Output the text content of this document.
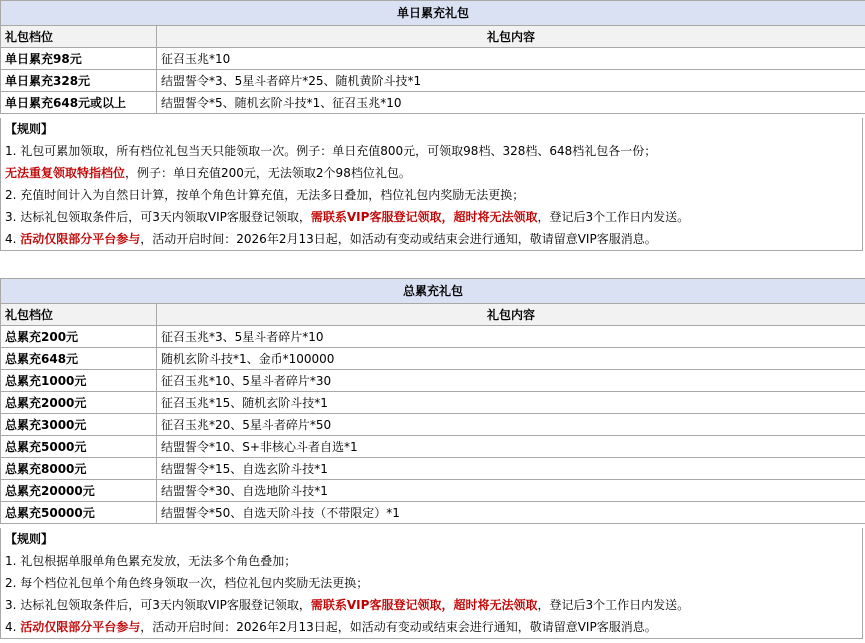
单日累充礼包	
礼包档位	礼包内容
单日累充98元	征召玉兆*10
单日累充328元	结盟誓令*3、5星斗者碎片*25、随机黄阶斗技*1
单日累充648元或以上	结盟誓令*5、随机玄阶斗技*1、征召玉兆*10
【规则】
1. 礼包可累加领取，所有档位礼包当天只能领取一次。例子：单日充值800元，可领取98档、328档、648档礼包各一份；
无法重复领取特指档位，例子：单日充值200元，无法领取2个98档位礼包。
2. 充值时间计入为自然日计算，按单个角色计算充值，无法多日叠加，档位礼包内奖励无法更换；
3. 达标礼包领取条件后，可3天内领取VIP客服登记领取，需联系VIP客服登记领取，超时将无法领取，登记后3个工作日内发送。
4. 活动仅限部分平台参与，活动开启时间：2026年2月13日起，如活动有变动或结束会进行通知，敬请留意VIP客服消息。
总累充礼包	
礼包档位	礼包内容
总累充200元	征召玉兆*3、5星斗者碎片*10
总累充648元	随机玄阶斗技*1、金币*100000
总累充1000元	征召玉兆*10、5星斗者碎片*30
总累充2000元	征召玉兆*15、随机玄阶斗技*1
总累充3000元	征召玉兆*20、5星斗者碎片*50
总累充5000元	结盟誓令*10、S+非核心斗者自选*1
总累充8000元	结盟誓令*15、自选玄阶斗技*1
总累充20000元	结盟誓令*30、自选地阶斗技*1
总累充50000元	结盟誓令*50、自选天阶斗技（不带限定）*1
【规则】
1. 礼包根据单服单角色累充发放，无法多个角色叠加；
2. 每个档位礼包单个角色终身领取一次，档位礼包内奖励无法更换；
3. 达标礼包领取条件后，可3天内领取VIP客服登记领取，需联系VIP客服登记领取，超时将无法领取，登记后3个工作日内发送。
4. 活动仅限部分平台参与，活动开启时间：2026年2月13日起，如活动有变动或结束会进行通知，敬请留意VIP客服消息。
